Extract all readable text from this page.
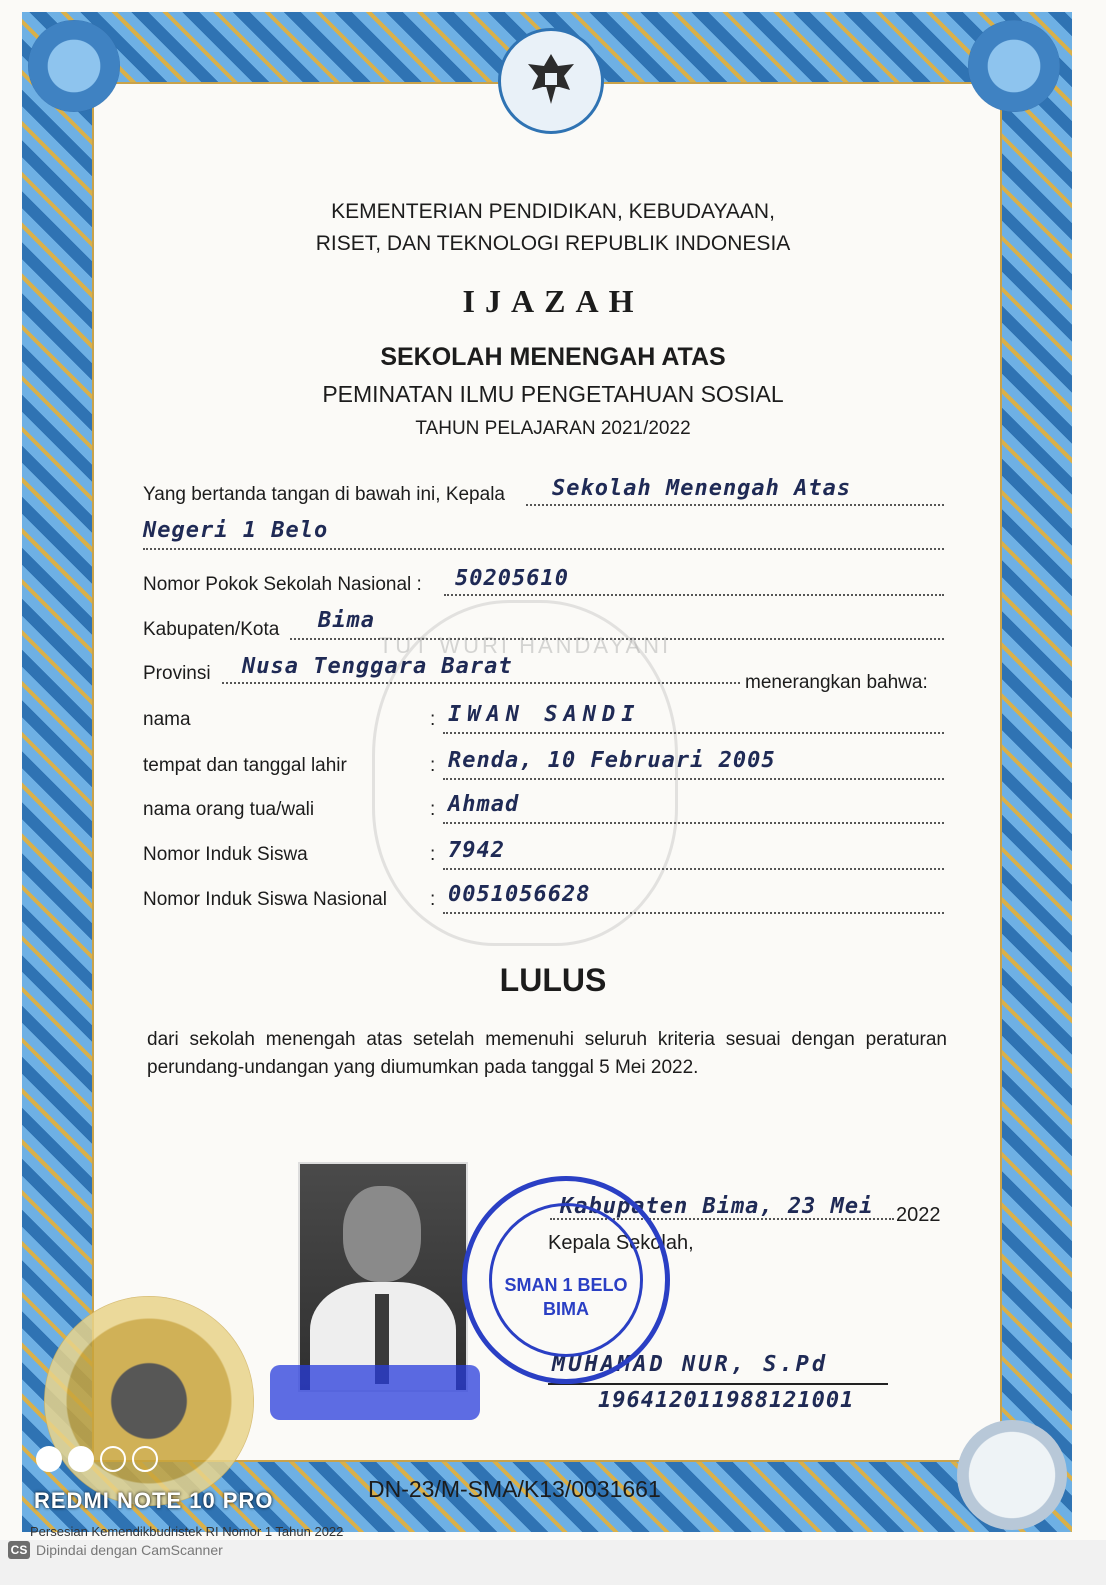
KEMENTERIAN PENDIDIKAN, KEBUDAYAAN,
RISET, DAN TEKNOLOGI REPUBLIK INDONESIA
IJAZAH
SEKOLAH MENENGAH ATAS
PEMINATAN ILMU PENGETAHUAN SOSIAL
TAHUN PELAJARAN 2021/2022
TUT WURI HANDAYANI
Yang bertanda tangan di bawah ini, Kepala Sekolah Menengah Atas
Negeri 1 Belo
Nomor Pokok Sekolah Nasional : 50205610
Kabupaten/Kota Bima
Provinsi Nusa Tenggara Barat
menerangkan bahwa:
nama	: IWAN SANDI
tempat dan tanggal lahir	: Renda, 10 Februari 2005
nama orang tua/wali	: Ahmad
Nomor Induk Siswa	: 7942
Nomor Induk Siswa Nasional : 0051056628
LULUS
dari sekolah menengah atas setelah memenuhi seluruh kriteria sesuai dengan peraturan perundang-undangan yang diumumkan pada tanggal 5 Mei 2022.
Kabupaten Bima, 23 Mei 2022
Kepala Sekolah,
MUHAMAD NUR, S.Pd
196412011988121001
SMAN 1 BELO
BIMA
REDMI NOTE 10 PRO	DN-23/M-SMA/K13/0031661
Persesian Kemendikbudristek RI Nomor 1 Tahun 2022
CS Dipindai dengan CamScanner
